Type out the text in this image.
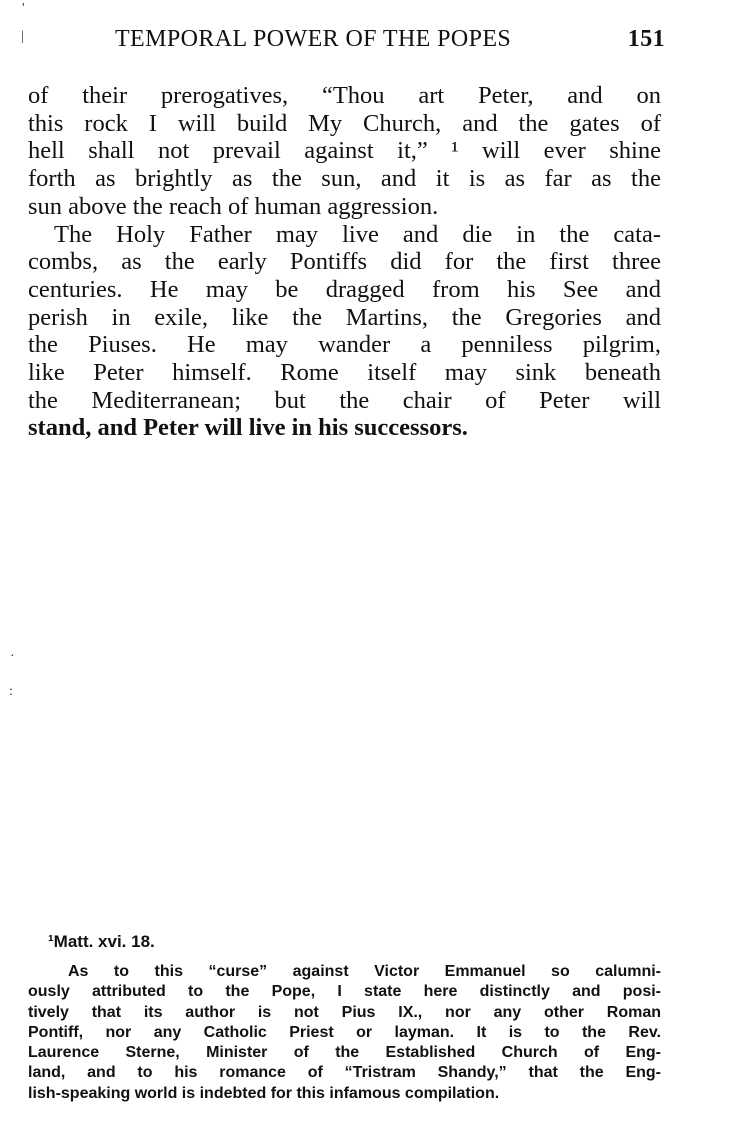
'
|
·
:
TEMPORAL POWER OF THE POPES	151
of their prerogatives, “Thou art Peter, and on
this rock I will build My Church, and the gates of
hell shall not prevail against it,” ¹ will ever shine
forth as brightly as the sun, and it is as far as the
sun above the reach of human aggression.
The Holy Father may live and die in the cata-
combs, as the early Pontiffs did for the first three
centuries. He may be dragged from his See and
perish in exile, like the Martins, the Gregories and
the Piuses. He may wander a penniless pilgrim,
like Peter himself. Rome itself may sink beneath
the Mediterranean; but the chair of Peter will
stand, and Peter will live in his successors.
¹Matt. xvi. 18.
As to this “curse” against Victor Emmanuel so calumni-
ously attributed to the Pope, I state here distinctly and posi-
tively that its author is not Pius IX., nor any other Roman
Pontiff, nor any Catholic Priest or layman. It is to the Rev.
Laurence Sterne, Minister of the Established Church of Eng-
land, and to his romance of “Tristram Shandy,” that the Eng-
lish-speaking world is indebted for this infamous compilation.
